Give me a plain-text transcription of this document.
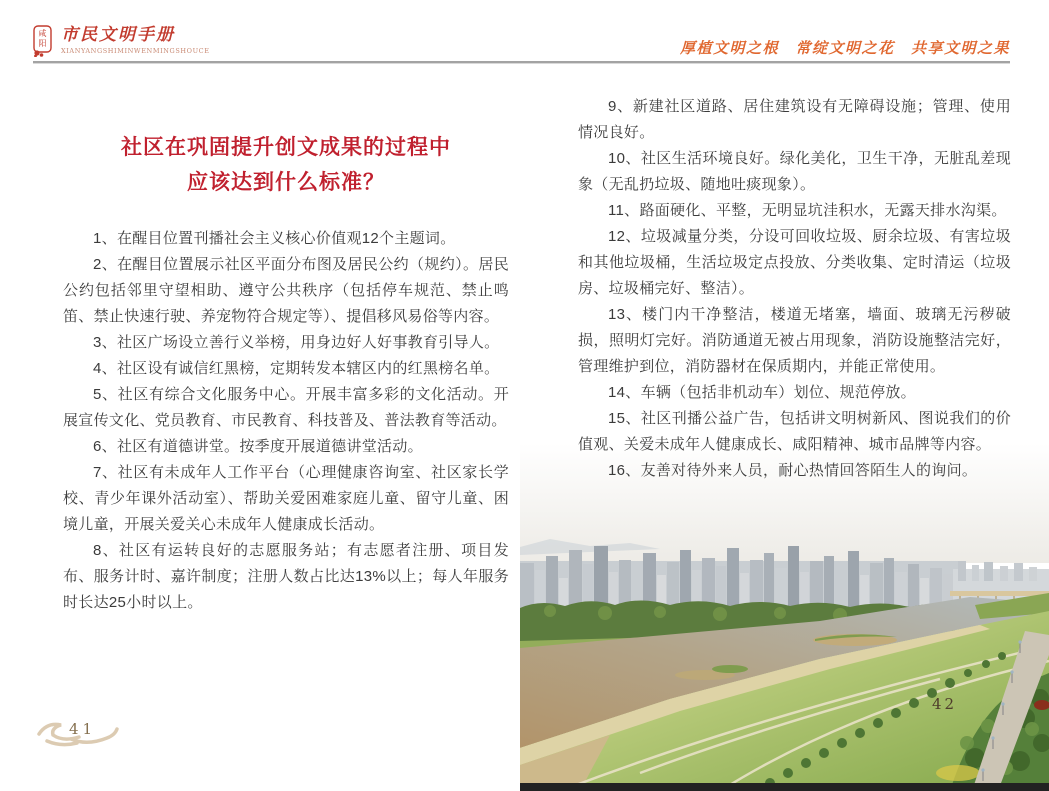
咸
阳 市民文明手册
XIANYANGSHIMINWENMINGSHOUCE	厚植文明之根　常绽文明之花　共享文明之果
社区在巩固提升创文成果的过程中
应该达到什么标准？

1、在醒目位置刊播社会主义核心价值观12个主题词。

2、在醒目位置展示社区平面分布图及居民公约（规约）。居民公约包括邻里守望相助、遵守公共秩序（包括停车规范、禁止鸣笛、禁止快速行驶、养宠物符合规定等）、提倡移风易俗等内容。

3、社区广场设立善行义举榜，用身边好人好事教育引导人。

4、社区设有诚信红黑榜，定期转发本辖区内的红黑榜名单。

5、社区有综合文化服务中心。开展丰富多彩的文化活动。开展宣传文化、党员教育、市民教育、科技普及、普法教育等活动。

6、社区有道德讲堂。按季度开展道德讲堂活动。

7、社区有未成年人工作平台（心理健康咨询室、社区家长学校、青少年课外活动室）、帮助关爱困难家庭儿童、留守儿童、困境儿童，开展关爱关心未成年人健康成长活动。

8、社区有运转良好的志愿服务站；有志愿者注册、项目发布、服务计时、嘉许制度；注册人数占比达13%以上；每人年服务时长达25小时以上。

9、新建社区道路、居住建筑设有无障碍设施；管理、使用情况良好。

10、社区生活环境良好。绿化美化，卫生干净，无脏乱差现象（无乱扔垃圾、随地吐痰现象）。

11、路面硬化、平整，无明显坑洼积水，无露天排水沟渠。

12、垃圾减量分类，分设可回收垃圾、厨余垃圾、有害垃圾和其他垃圾桶，生活垃圾定点投放、分类收集、定时清运（垃圾房、垃圾桶完好、整洁）。

13、楼门内干净整洁，楼道无堵塞，墙面、玻璃无污秽破损，照明灯完好。消防通道无被占用现象，消防设施整洁完好，管理维护到位，消防器材在保质期内，并能正常使用。

14、车辆（包括非机动车）划位、规范停放。

15、社区刊播公益广告，包括讲文明树新风、图说我们的价值观、关爱未成年人健康成长、咸阳精神、城市品牌等内容。

16、友善对待外来人员，耐心热情回答陌生人的询问。

41
42
